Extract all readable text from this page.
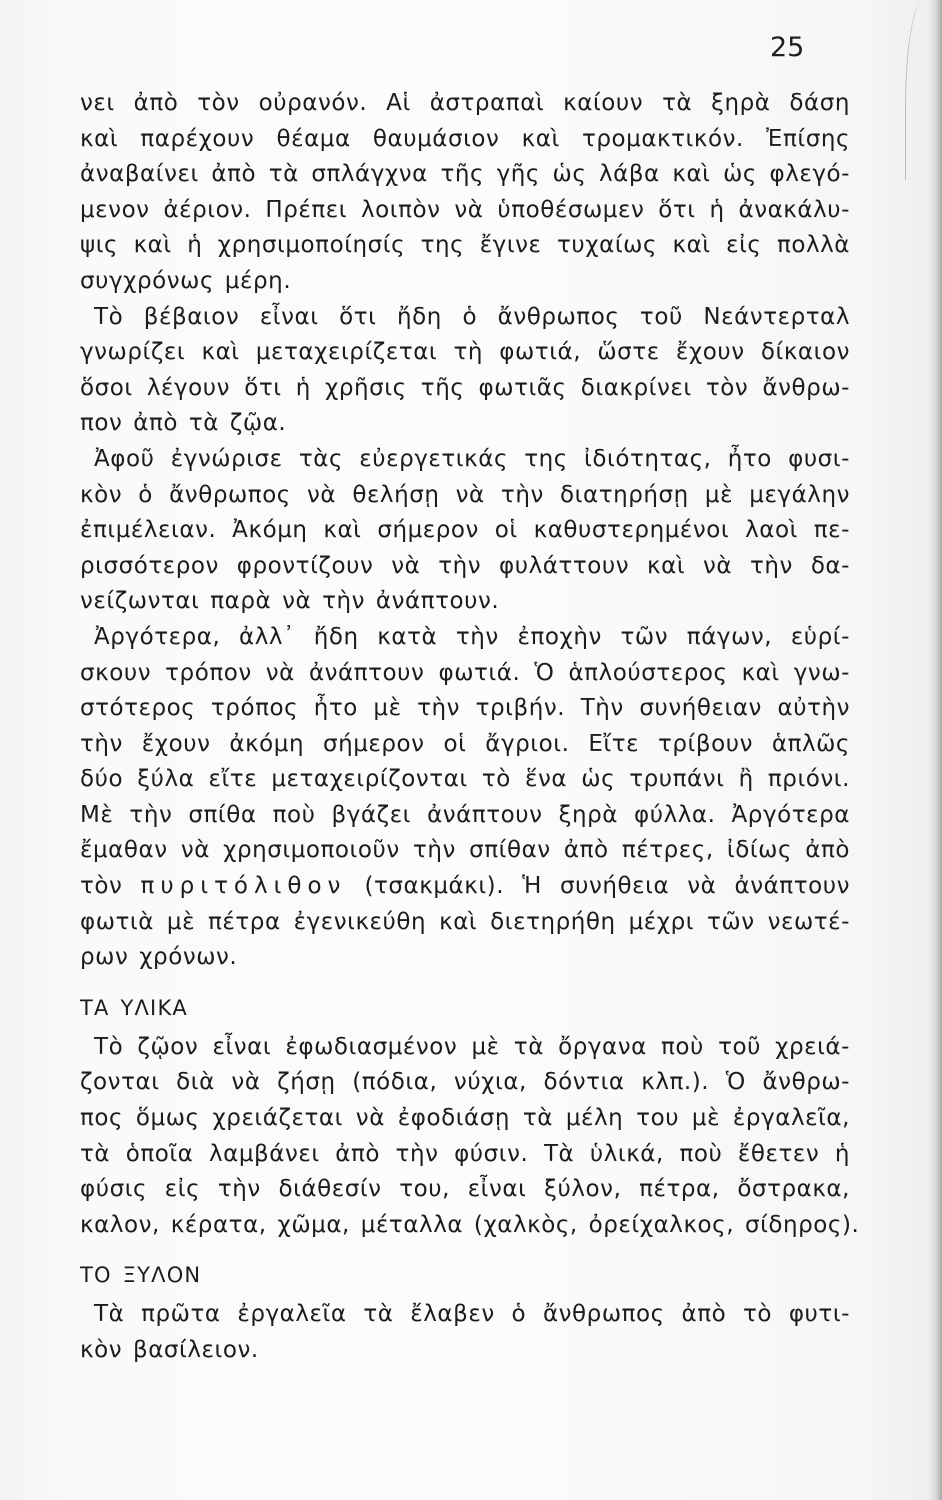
25
νει ἀπὸ τὸν οὐρανόν. Αἱ ἀστραπαὶ καίουν τὰ ξηρὰ δάση
καὶ παρέχουν θέαμα θαυμάσιον καὶ τρομακτικόν. Ἐπίσης
ἀναβαίνει ἀπὸ τὰ σπλάγχνα τῆς γῆς ὡς λάβα καὶ ὡς φλεγό-
μενον ἀέριον. Πρέπει λοιπὸν νὰ ὑποθέσωμεν ὅτι ἡ ἀνακάλυ-
ψις καὶ ἡ χρησιμοποίησίς της ἔγινε τυχαίως καὶ εἰς πολλὰ
συγχρόνως μέρη.
Τὸ βέβαιον εἶναι ὅτι ἤδη ὁ ἄνθρωπος τοῦ Νεάντερταλ
γνωρίζει καὶ μεταχειρίζεται τὴ φωτιά, ὥστε ἔχουν δίκαιον
ὅσοι λέγουν ὅτι ἡ χρῆσις τῆς φωτιᾶς διακρίνει τὸν ἄνθρω-
πον ἀπὸ τὰ ζῷα.
Ἀφοῦ ἐγνώρισε τὰς εὐεργετικάς της ἰδιότητας, ἦτο φυσι-
κὸν ὁ ἄνθρωπος νὰ θελήσῃ νὰ τὴν διατηρήσῃ μὲ μεγάλην
ἐπιμέλειαν. Ἀκόμη καὶ σήμερον οἱ καθυστερημένοι λαοὶ πε-
ρισσότερον φροντίζουν νὰ τὴν φυλάττουν καὶ νὰ τὴν δα-
νείζωνται παρὰ νὰ τὴν ἀνάπτουν.
Ἀργότερα, ἀλλ᾽ ἤδη κατὰ τὴν ἐποχὴν τῶν πάγων, εὑρί-
σκουν τρόπον νὰ ἀνάπτουν φωτιά. Ὁ ἁπλούστερος καὶ γνω-
στότερος τρόπος ἦτο μὲ τὴν τριβήν. Τὴν συνήθειαν αὐτὴν
τὴν ἔχουν ἀκόμη σήμερον οἱ ἄγριοι. Εἴτε τρίβουν ἁπλῶς
δύο ξύλα εἴτε μεταχειρίζονται τὸ ἕνα ὡς τρυπάνι ἢ πριόνι.
Μὲ τὴν σπίθα ποὺ βγάζει ἀνάπτουν ξηρὰ φύλλα. Ἀργότερα
ἔμαθαν νὰ χρησιμοποιοῦν τὴν σπίθαν ἀπὸ πέτρες, ἰδίως ἀπὸ
τὸν πυριτόλιθον (τσακμάκι). Ἡ συνήθεια νὰ ἀνάπτουν
φωτιὰ μὲ πέτρα ἐγενικεύθη καὶ διετηρήθη μέχρι τῶν νεωτέ-
ρων χρόνων.
ΤΑ ΥΛΙΚΑ
Τὸ ζῷον εἶναι ἐφωδιασμένον μὲ τὰ ὄργανα ποὺ τοῦ χρειά-
ζονται διὰ νὰ ζήσῃ (πόδια, νύχια, δόντια κλπ.). Ὁ ἄνθρω-
πος ὅμως χρειάζεται νὰ ἐφοδιάσῃ τὰ μέλη του μὲ ἐργαλεῖα,
τὰ ὁποῖα λαμβάνει ἀπὸ τὴν φύσιν. Τὰ ὑλικά, ποὺ ἔθετεν ἡ
φύσις εἰς τὴν διάθεσίν του, εἶναι ξύλον, πέτρα, ὄστρακα,
καλον, κέρατα, χῶμα, μέταλλα (χαλκὸς, ὀρείχαλκος, σίδηρος).
ΤΟ ΞΥΛΟΝ
Τὰ πρῶτα ἐργαλεῖα τὰ ἔλαβεν ὁ ἄνθρωπος ἀπὸ τὸ φυτι-
κὸν βασίλειον.
